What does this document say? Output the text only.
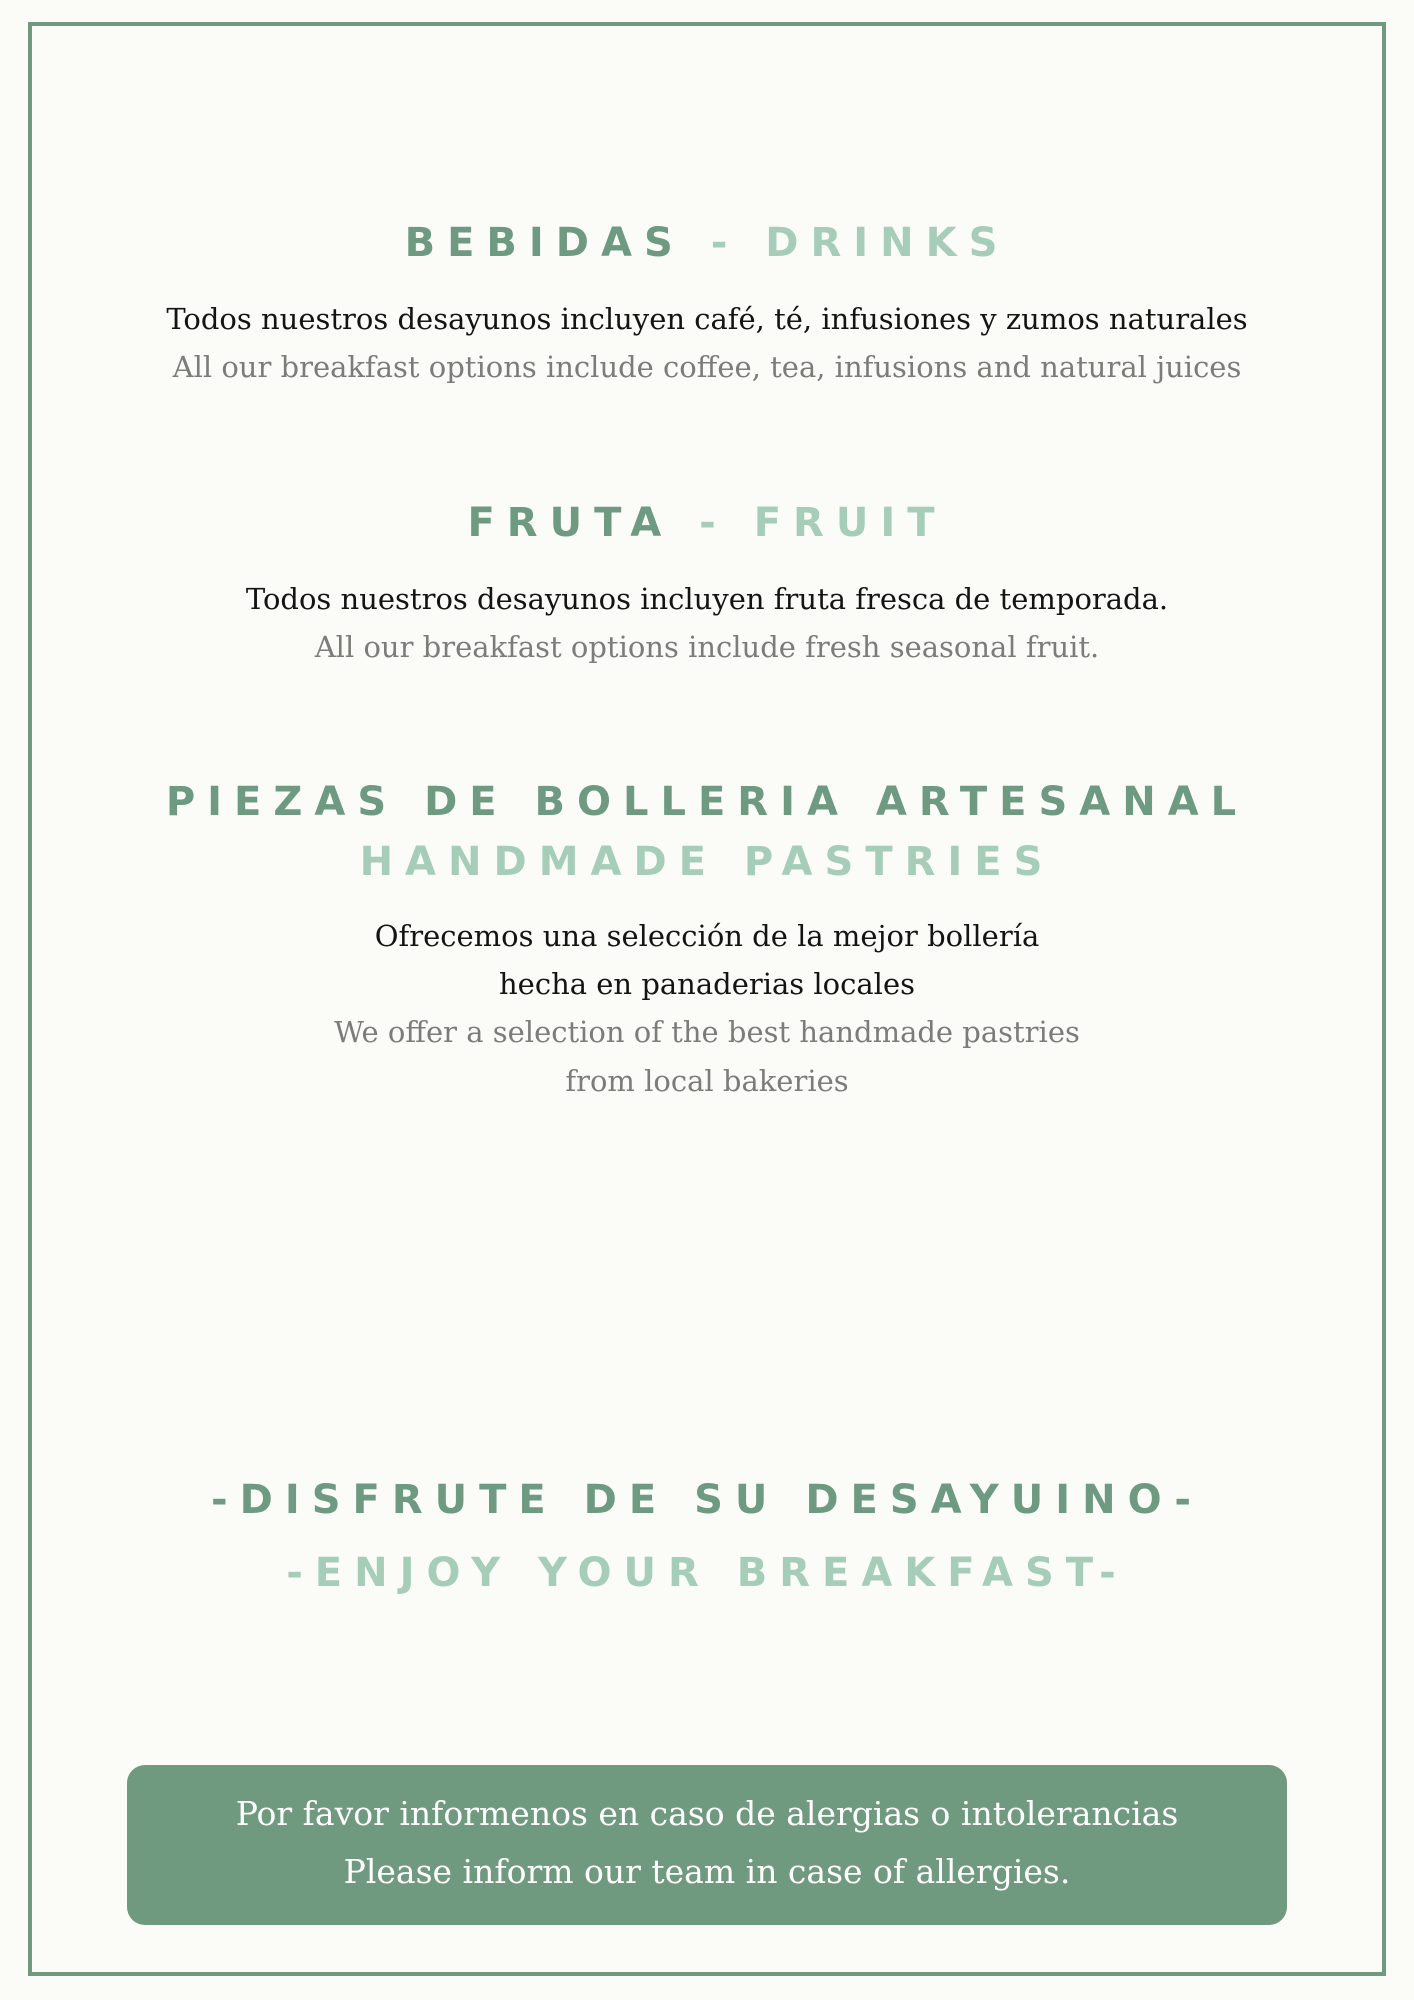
BEBIDAS - DRINKS
Todos nuestros desayunos incluyen café, té, infusiones y zumos naturales
All our breakfast options include coffee, tea, infusions and natural juices
FRUTA - FRUIT
Todos nuestros desayunos incluyen fruta fresca de temporada.
All our breakfast options include fresh seasonal fruit.
PIEZAS DE BOLLERIA ARTESANAL
HANDMADE PASTRIES
Ofrecemos una selección de la mejor bollería
hecha en panaderias locales
We offer a selection of the best handmade pastries
from local bakeries
-DISFRUTE DE SU DESAYUINO-
-ENJOY YOUR BREAKFAST-
Por favor informenos en caso de alergias o intolerancias
Please inform our team in case of allergies.
